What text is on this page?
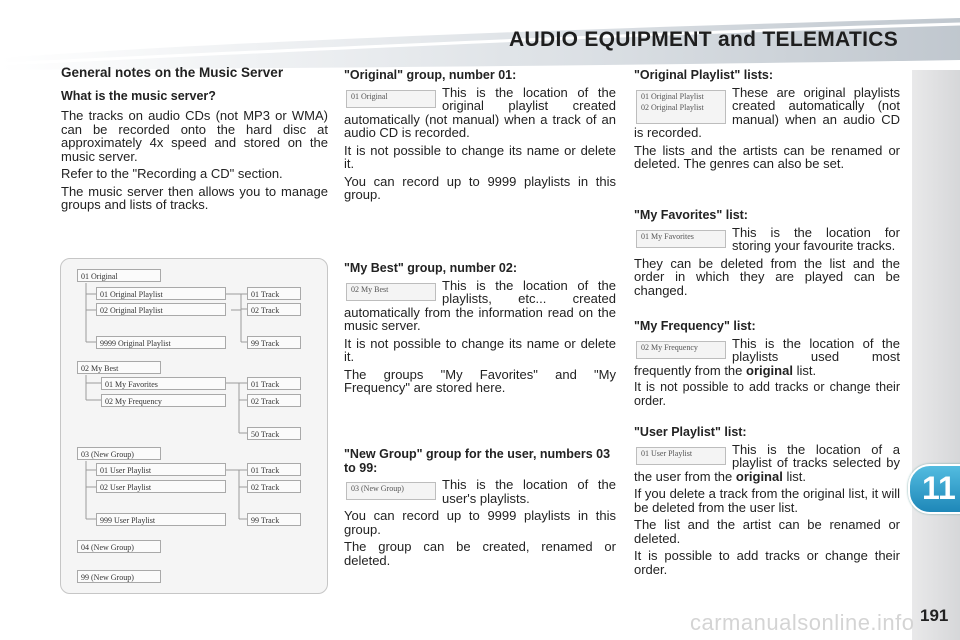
AUDIO EQUIPMENT and TELEMATICS
11
191
carmanualsonline.info
General notes on the Music Server
What is the music server?

The tracks on audio CDs (not MP3 or WMA) can be recorded onto the hard disc at approximately 4x speed and stored on the music server.

Refer to the "Recording a CD" section.

The music server then allows you to manage groups and lists of tracks.

01 Original
01 Original Playlist
02 Original Playlist
9999 Original Playlist
01 Track
02 Track
99 Track
02 My Best
01 My Favorites
02 My Frequency
01 Track
02 Track
50 Track
03 (New Group)
01 User Playlist
02 User Playlist
999 User Playlist
01 Track
02 Track
99 Track
04 (New Group)
99 (New Group)
"Original" group, number 01:
01 Original	This is the location of the original playlist created automatically (not manual) when a track of an audio CD is recorded.

It is not possible to change its name or delete it.

You can record up to 9999 playlists in this group.

"My Best" group, number 02:
02 My Best	This is the location of the playlists, etc... created automatically from the information read on the music server.

It is not possible to change its name or delete it.

The groups "My Favorites" and "My Frequency" are stored here.

"New Group" group for the user, numbers 03 to 99:
03 (New Group)	This is the location of the user's playlists.

You can record up to 9999 playlists in this group.

The group can be created, renamed or deleted.

"Original Playlist" lists:
01 Original Playlist
02 Original Playlist

These are original playlists created automatically (not manual) when an audio CD is recorded.

The lists and the artists can be renamed or deleted. The genres can also be set.

"My Favorites" list:
01 My Favorites	This is the location for storing your favourite tracks.

They can be deleted from the list and the order in which they are played can be changed.

"My Frequency" list:
02 My Frequency	This is the location of the playlists used most frequently from the original list.

It is not possible to add tracks or change their order.

"User Playlist" list:
01 User Playlist	This is the location of a playlist of tracks selected by the user from the original list.

If you delete a track from the original list, it will be deleted from the user list.

The list and the artist can be renamed or deleted.

It is possible to add tracks or change their order.
